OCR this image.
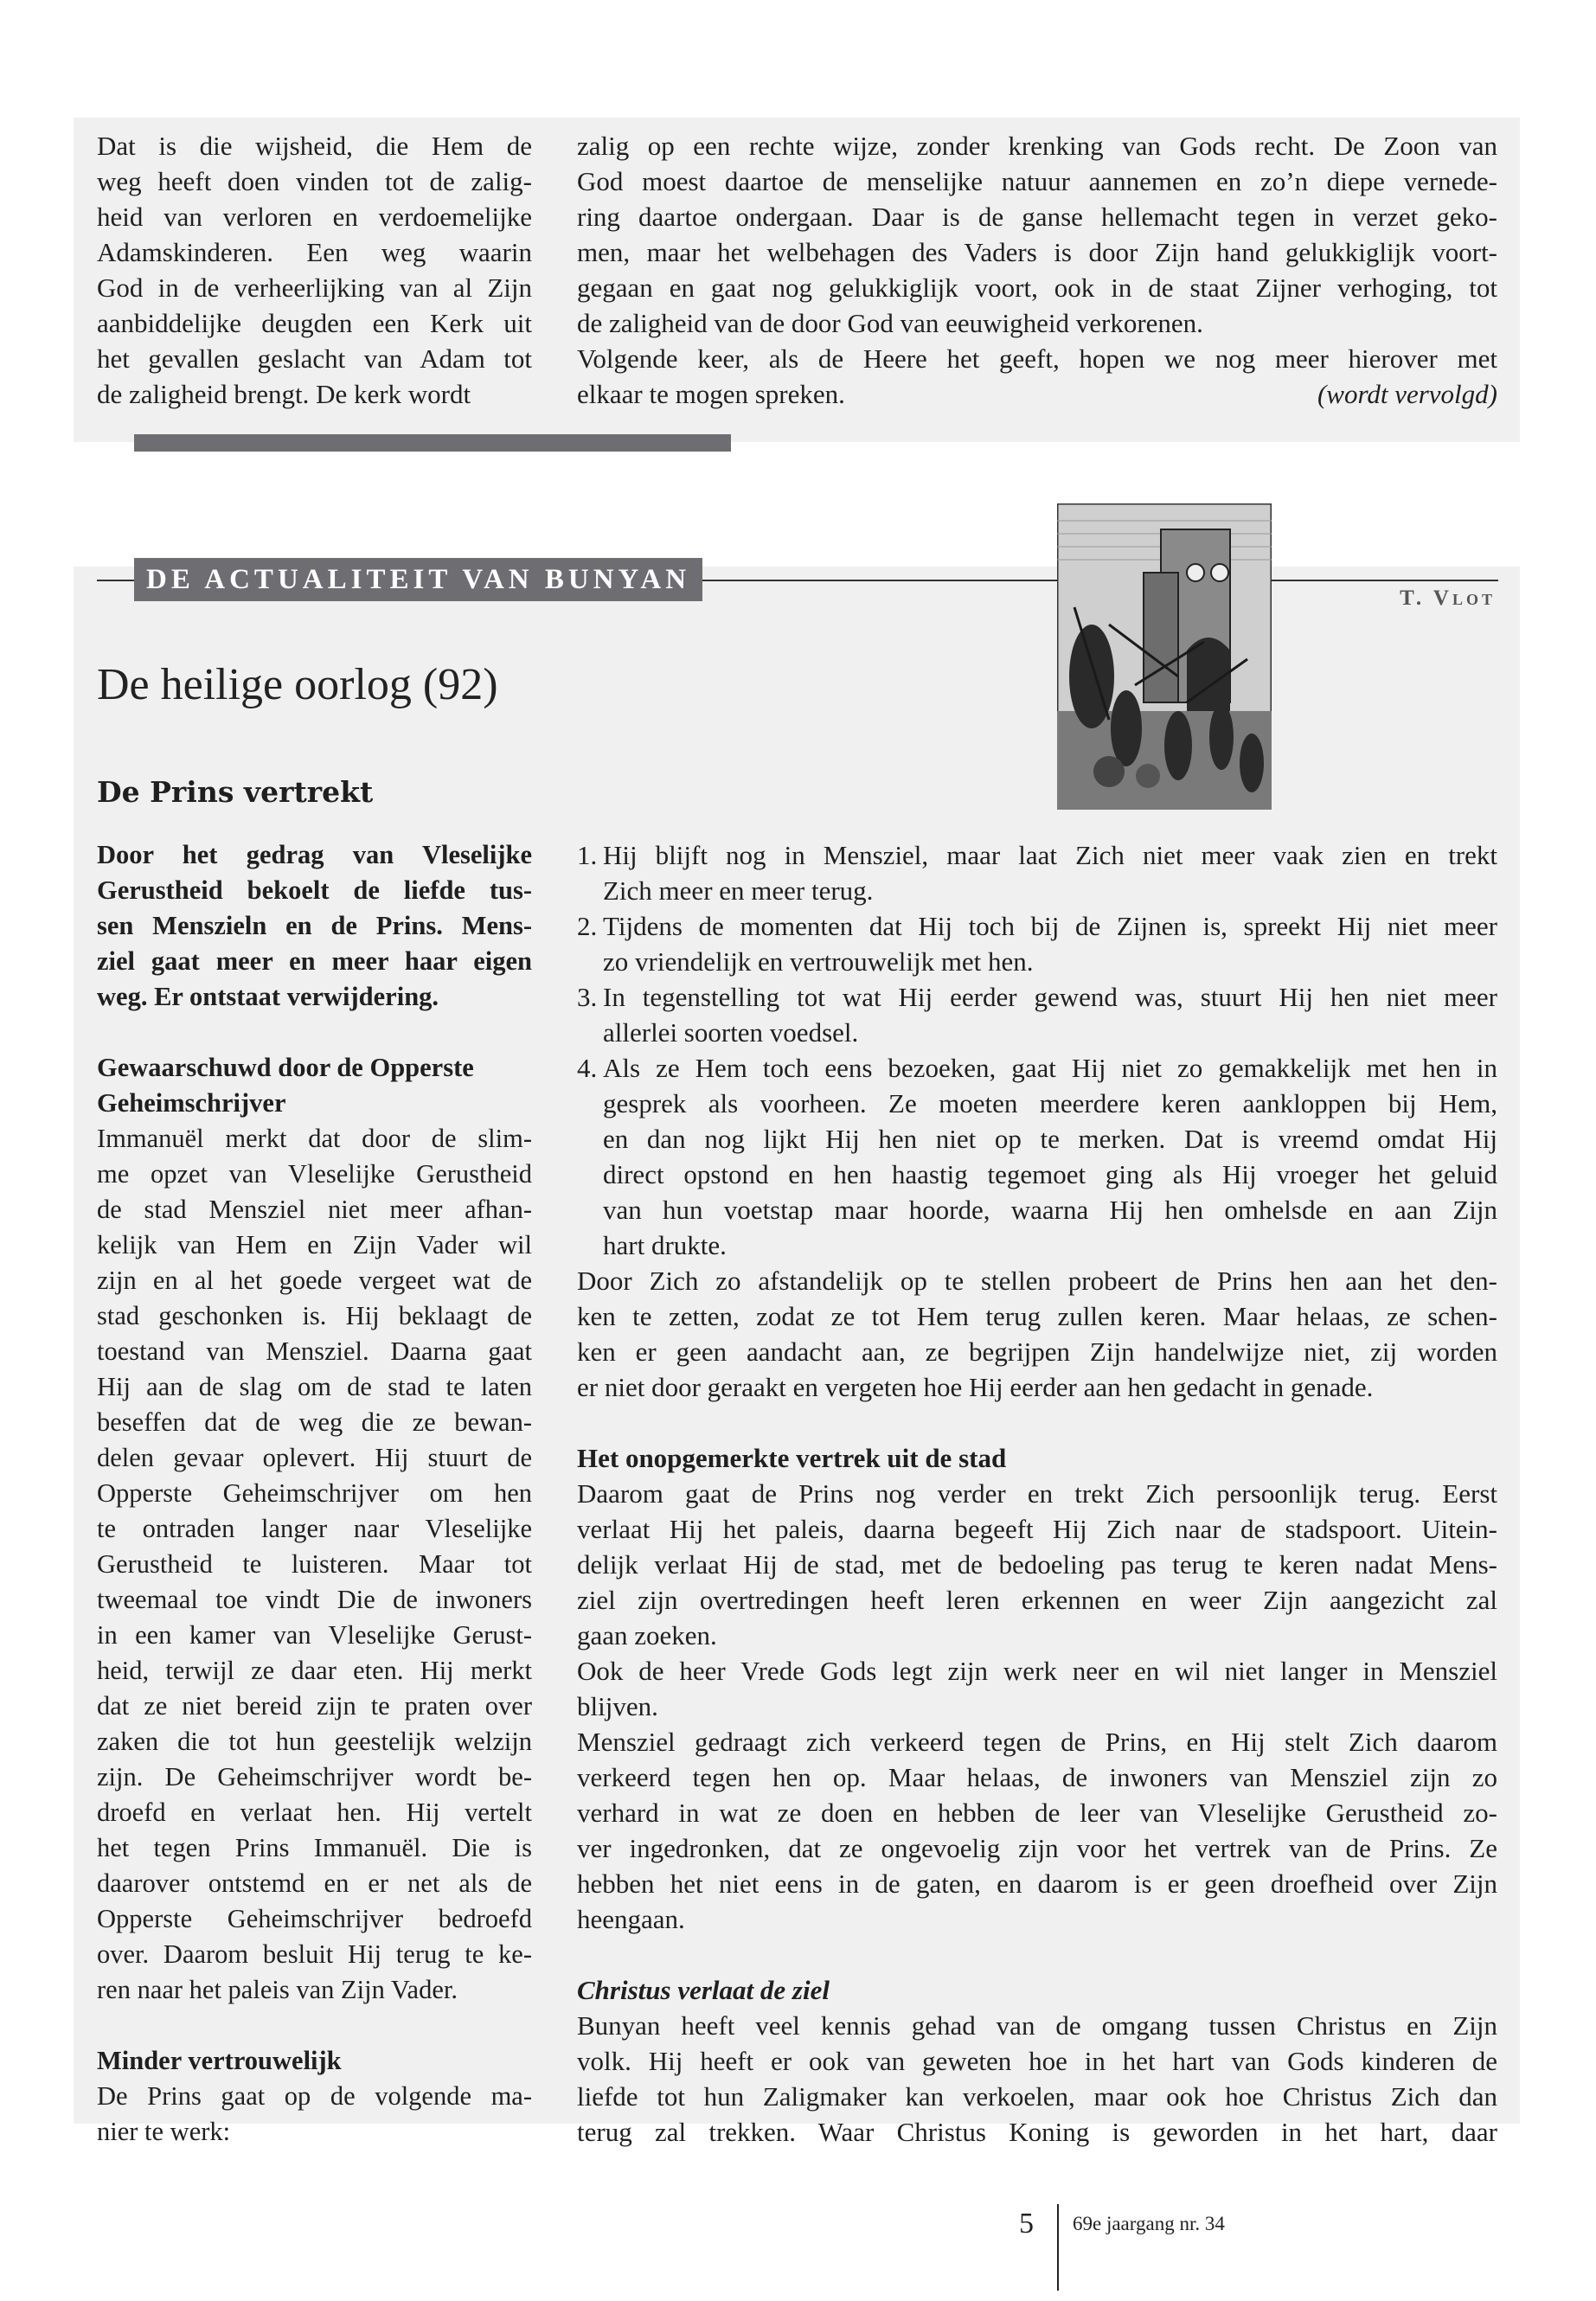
Dat is die wijsheid, die Hem de

weg heeft doen vinden tot de zalig-

heid van verloren en verdoemelijke

Adamskinderen. Een weg waarin

God in de verheerlijking van al Zijn

aanbiddelijke deugden een Kerk uit

het gevallen geslacht van Adam tot

de zaligheid brengt. De kerk wordt

zalig op een rechte wijze, zonder krenking van Gods recht. De Zoon van

God moest daartoe de menselijke natuur aannemen en zo’n diepe vernede-

ring daartoe ondergaan. Daar is de ganse hellemacht tegen in verzet geko-

men, maar het welbehagen des Vaders is door Zijn hand gelukkiglijk voort-

gegaan en gaat nog gelukkiglijk voort, ook in de staat Zijner verhoging, tot

de zaligheid van de door God van eeuwigheid verkorenen.

Volgende keer, als de Heere het geeft, hopen we nog meer hierover met

elkaar te mogen spreken.	(wordt vervolgd)

DE ACTUALITEIT VAN BUNYAN
T. Vlot
De heilige oorlog (92)
De Prins vertrekt

Door het gedrag van Vleselijke

Gerustheid bekoelt de liefde tus-

sen Menszieln en de Prins. Mens-

ziel gaat meer en meer haar eigen

weg. Er ontstaat verwijdering.

Gewaarschuwd door de Opperste

Geheimschrijver

Immanuël merkt dat door de slim-

me opzet van Vleselijke Gerustheid

de stad Mensziel niet meer afhan-

kelijk van Hem en Zijn Vader wil

zijn en al het goede vergeet wat de

stad geschonken is. Hij beklaagt de

toestand van Mensziel. Daarna gaat

Hij aan de slag om de stad te laten

beseffen dat de weg die ze bewan-

delen gevaar oplevert. Hij stuurt de

Opperste Geheimschrijver om hen

te ontraden langer naar Vleselijke

Gerustheid te luisteren. Maar tot

tweemaal toe vindt Die de inwoners

in een kamer van Vleselijke Gerust-

heid, terwijl ze daar eten. Hij merkt

dat ze niet bereid zijn te praten over

zaken die tot hun geestelijk welzijn

zijn. De Geheimschrijver wordt be-

droefd en verlaat hen. Hij vertelt

het tegen Prins Immanuël. Die is

daarover ontstemd en er net als de

Opperste Geheimschrijver bedroefd

over. Daarom besluit Hij terug te ke-

ren naar het paleis van Zijn Vader.

Minder vertrouwelijk

De Prins gaat op de volgende ma-

nier te werk:

1. Hij blijft nog in Mensziel, maar laat Zich niet meer vaak zien en trekt

Zich meer en meer terug.

2. Tijdens de momenten dat Hij toch bij de Zijnen is, spreekt Hij niet meer

zo vriendelijk en vertrouwelijk met hen.

3. In tegenstelling tot wat Hij eerder gewend was, stuurt Hij hen niet meer

allerlei soorten voedsel.

4. Als ze Hem toch eens bezoeken, gaat Hij niet zo gemakkelijk met hen in

gesprek als voorheen. Ze moeten meerdere keren aankloppen bij Hem,

en dan nog lijkt Hij hen niet op te merken. Dat is vreemd omdat Hij

direct opstond en hen haastig tegemoet ging als Hij vroeger het geluid

van hun voetstap maar hoorde, waarna Hij hen omhelsde en aan Zijn

hart drukte.

Door Zich zo afstandelijk op te stellen probeert de Prins hen aan het den-

ken te zetten, zodat ze tot Hem terug zullen keren. Maar helaas, ze schen-

ken er geen aandacht aan, ze begrijpen Zijn handelwijze niet, zij worden

er niet door geraakt en vergeten hoe Hij eerder aan hen gedacht in genade.

Het onopgemerkte vertrek uit de stad

Daarom gaat de Prins nog verder en trekt Zich persoonlijk terug. Eerst

verlaat Hij het paleis, daarna begeeft Hij Zich naar de stadspoort. Uitein-

delijk verlaat Hij de stad, met de bedoeling pas terug te keren nadat Mens-

ziel zijn overtredingen heeft leren erkennen en weer Zijn aangezicht zal

gaan zoeken.

Ook de heer Vrede Gods legt zijn werk neer en wil niet langer in Mensziel

blijven.

Mensziel gedraagt zich verkeerd tegen de Prins, en Hij stelt Zich daarom

verkeerd tegen hen op. Maar helaas, de inwoners van Mensziel zijn zo

verhard in wat ze doen en hebben de leer van Vleselijke Gerustheid zo-

ver ingedronken, dat ze ongevoelig zijn voor het vertrek van de Prins. Ze

hebben het niet eens in de gaten, en daarom is er geen droefheid over Zijn

heengaan.

Christus verlaat de ziel

Bunyan heeft veel kennis gehad van de omgang tussen Christus en Zijn

volk. Hij heeft er ook van geweten hoe in het hart van Gods kinderen de

liefde tot hun Zaligmaker kan verkoelen, maar ook hoe Christus Zich dan

terug zal trekken. Waar Christus Koning is geworden in het hart, daar

5 69e jaargang nr. 34
